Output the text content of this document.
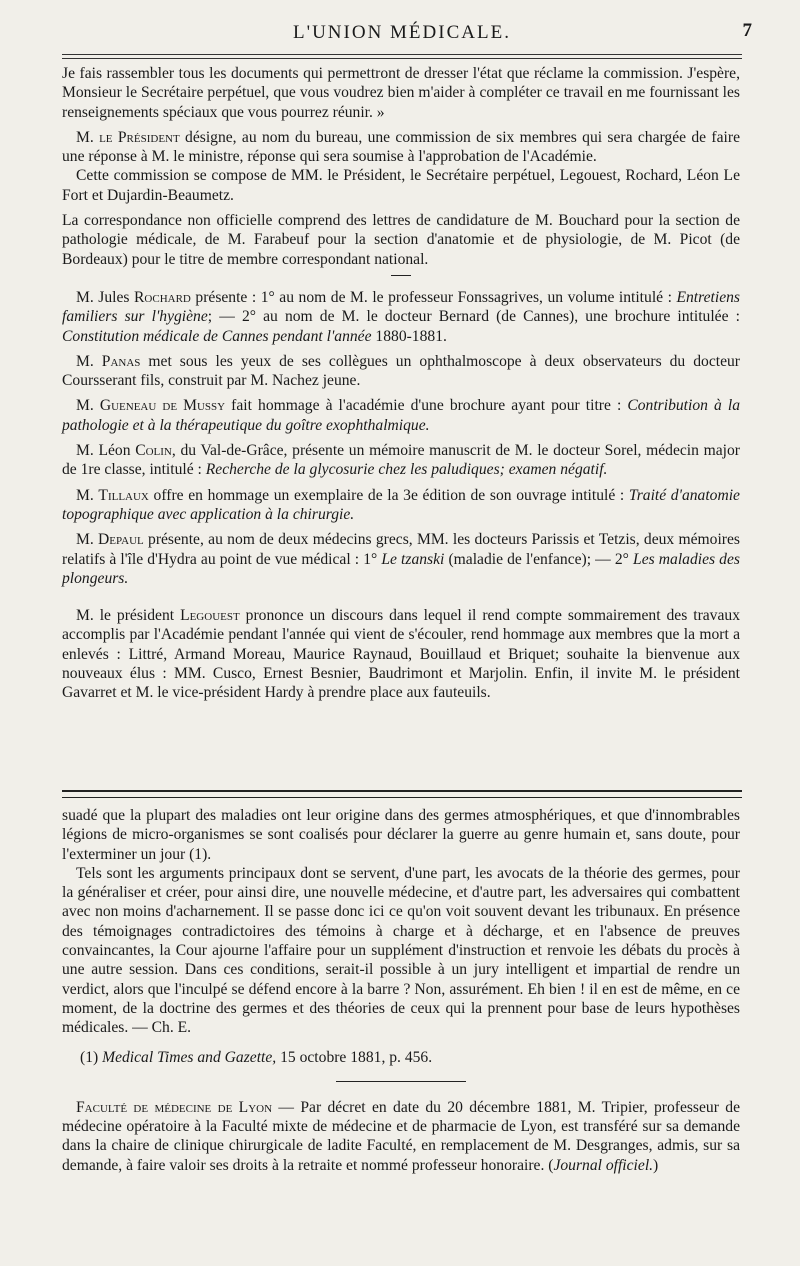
L'UNION MÉDICALE.	7

Je fais rassembler tous les documents qui permettront de dresser l'état que réclame la commission. J'espère, Monsieur le Secrétaire perpétuel, que vous voudrez bien m'aider à compléter ce travail en me fournissant les renseignements spéciaux que vous pourrez réunir. »

M. le Président désigne, au nom du bureau, une commission de six membres qui sera chargée de faire une réponse à M. le ministre, réponse qui sera soumise à l'approbation de l'Académie.

Cette commission se compose de MM. le Président, le Secrétaire perpétuel, Legouest, Rochard, Léon Le Fort et Dujardin-Beaumetz.

La correspondance non officielle comprend des lettres de candidature de M. Bouchard pour la section de pathologie médicale, de M. Farabeuf pour la section d'anatomie et de physiologie, de M. Picot (de Bordeaux) pour le titre de membre correspondant national.

M. Jules Rochard présente : 1° au nom de M. le professeur Fonssagrives, un volume intitulé : Entretiens familiers sur l'hygiène; — 2° au nom de M. le docteur Bernard (de Cannes), une brochure intitulée : Constitution médicale de Cannes pendant l'année 1880-1881.

M. Panas met sous les yeux de ses collègues un ophthalmoscope à deux observateurs du docteur Coursserant fils, construit par M. Nachez jeune.

M. Gueneau de Mussy fait hommage à l'académie d'une brochure ayant pour titre : Contribution à la pathologie et à la thérapeutique du goître exophthalmique.

M. Léon Colin, du Val-de-Grâce, présente un mémoire manuscrit de M. le docteur Sorel, médecin major de 1re classe, intitulé : Recherche de la glycosurie chez les paludiques; examen négatif.

M. Tillaux offre en hommage un exemplaire de la 3e édition de son ouvrage intitulé : Traité d'anatomie topographique avec application à la chirurgie.

M. Depaul présente, au nom de deux médecins grecs, MM. les docteurs Parissis et Tetzis, deux mémoires relatifs à l'île d'Hydra au point de vue médical : 1° Le tzanski (maladie de l'enfance); — 2° Les maladies des plongeurs.

M. le président Legouest prononce un discours dans lequel il rend compte sommairement des travaux accomplis par l'Académie pendant l'année qui vient de s'écouler, rend hommage aux membres que la mort a enlevés : Littré, Armand Moreau, Maurice Raynaud, Bouillaud et Briquet; souhaite la bienvenue aux nouveaux élus : MM. Cusco, Ernest Besnier, Baudrimont et Marjolin. Enfin, il invite M. le président Gavarret et M. le vice-président Hardy à prendre place aux fauteuils.

suadé que la plupart des maladies ont leur origine dans des germes atmosphériques, et que d'innombrables légions de micro-organismes se sont coalisés pour déclarer la guerre au genre humain et, sans doute, pour l'exterminer un jour (1).

Tels sont les arguments principaux dont se servent, d'une part, les avocats de la théorie des germes, pour la généraliser et créer, pour ainsi dire, une nouvelle médecine, et d'autre part, les adversaires qui combattent avec non moins d'acharnement. Il se passe donc ici ce qu'on voit souvent devant les tribunaux. En présence des témoignages contradictoires des témoins à charge et à décharge, et en l'absence de preuves convaincantes, la Cour ajourne l'affaire pour un supplément d'instruction et renvoie les débats du procès à une autre session. Dans ces conditions, serait-il possible à un jury intelligent et impartial de rendre un verdict, alors que l'inculpé se défend encore à la barre ? Non, assurément. Eh bien ! il en est de même, en ce moment, de la doctrine des germes et des théories de ceux qui la prennent pour base de leurs hypothèses médicales. — Ch. E.

(1) Medical Times and Gazette, 15 octobre 1881, p. 456.

Faculté de médecine de Lyon — Par décret en date du 20 décembre 1881, M. Tripier, professeur de médecine opératoire à la Faculté mixte de médecine et de pharmacie de Lyon, est transféré sur sa demande dans la chaire de clinique chirurgicale de ladite Faculté, en remplacement de M. Desgranges, admis, sur sa demande, à faire valoir ses droits à la retraite et nommé professeur honoraire. (Journal officiel.)
